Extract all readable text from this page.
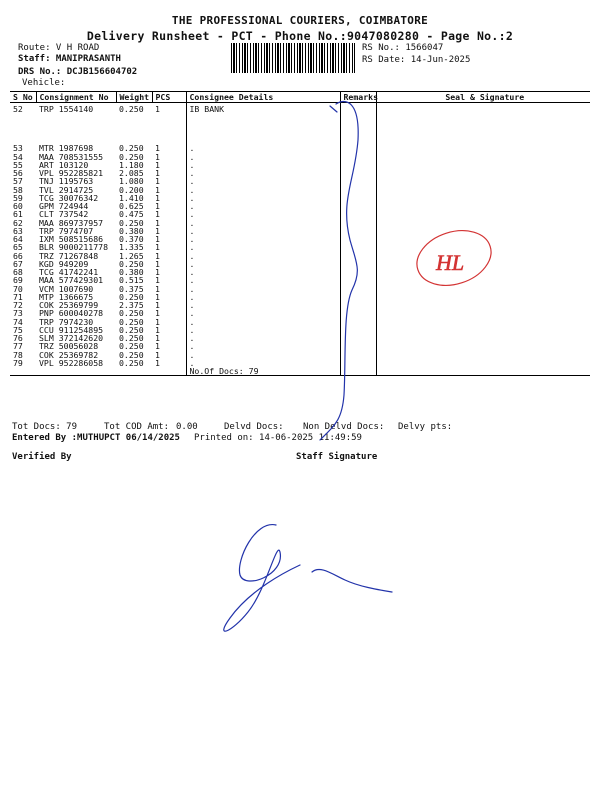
THE PROFESSIONAL COURIERS, COIMBATORE
Delivery Runsheet - PCT - Phone No.:9047080280 - Page No.:2
Route: V H ROAD
Staff: MANIPRASANTH
DRS No.: DCJB156604702
Vehicle:
RS No.: 1566047
RS Date: 14-Jun-2025
S No	Consignment No	Weight	PCS	Consignee Details	Remarks	Seal & Signature
52	TRP 1554140	0.250	1	IB BANK		

53	MTR 1987698	0.250	1	.		
54	MAA 708531555	0.250	1	.		
55	ART 103120	1.180	1	.		
56	VPL 952285821	2.085	1	.		
57	TNJ 1195763	1.080	1	.		
58	TVL 2914725	0.200	1	.		
59	TCG 30076342	1.410	1	.		
60	GPM 724944	0.625	1	.		
61	CLT 737542	0.475	1	.		
62	MAA 869737957	0.250	1	.		
63	TRP 7974707	0.380	1	.		
64	IXM 508515686	0.370	1	.		
65	BLR 9000211778	1.335	1	.		
66	TRZ 71267848	1.265	1	.		
67	KGD 949209	0.250	1	.		
68	TCG 41742241	0.380	1	.		
69	MAA 577429301	0.515	1	.		
70	VCM 1007690	0.375	1	.		
71	MTP 1366675	0.250	1	.		
72	COK 25369799	2.375	1	.		
73	PNP 600040278	0.250	1	.		
74	TRP 7974230	0.250	1	.		
75	CCU 911254895	0.250	1	.		
76	SLM 372142620	0.250	1	.		
77	TRZ 50056028	0.250	1	.		
78	COK 25369782	0.250	1	.		
79	VPL 952286058	0.250	1	.		
				No.Of Docs: 79		

Tot Docs: 79	Tot COD Amt: 0.00	Delvd Docs: Non Delvd Docs: Delvy pts:
Entered By :MUTHUPCT 06/14/2025 Printed on: 14-06-2025 11:49:59
Verified By	Staff Signature
HL
